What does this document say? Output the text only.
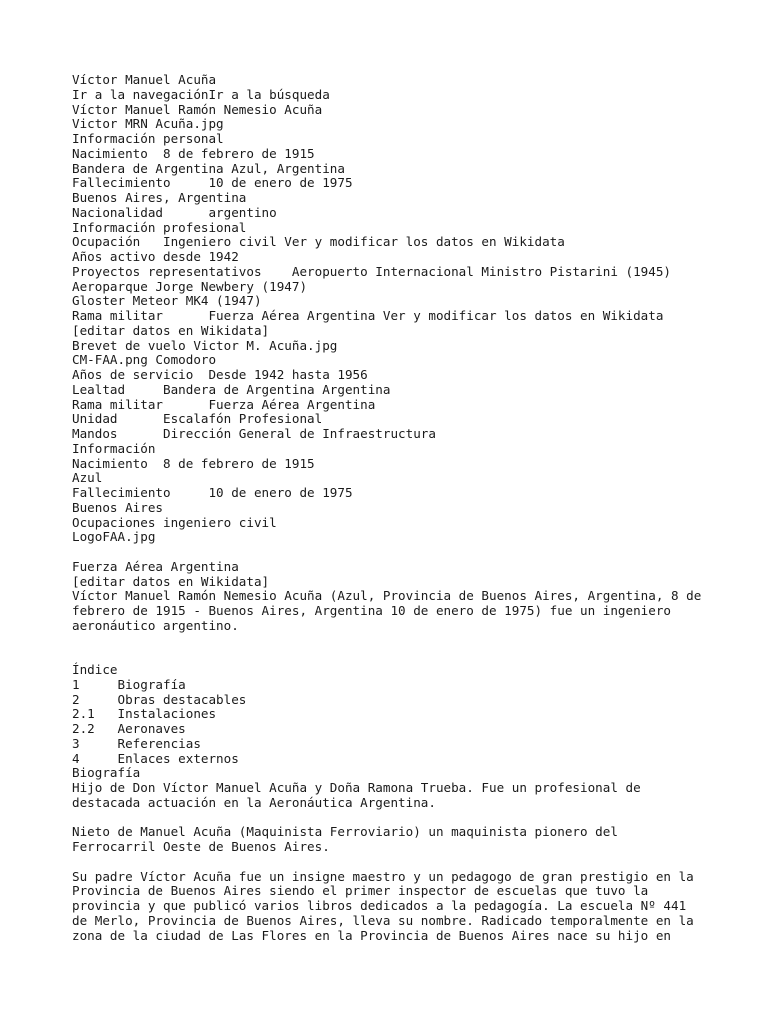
Víctor Manuel Acuña
Ir a la navegaciónIr a la búsqueda
Víctor Manuel Ramón Nemesio Acuña
Victor MRN Acuña.jpg
Información personal
Nacimiento  8 de febrero de 1915
Bandera de Argentina Azul, Argentina
Fallecimiento     10 de enero de 1975
Buenos Aires, Argentina
Nacionalidad      argentino
Información profesional
Ocupación   Ingeniero civil Ver y modificar los datos en Wikidata
Años activo desde 1942
Proyectos representativos    Aeropuerto Internacional Ministro Pistarini (1945)
Aeroparque Jorge Newbery (1947)
Gloster Meteor MK4 (1947)
Rama militar      Fuerza Aérea Argentina Ver y modificar los datos en Wikidata
[editar datos en Wikidata]
Brevet de vuelo Victor M. Acuña.jpg
CM-FAA.png Comodoro
Años de servicio  Desde 1942 hasta 1956
Lealtad     Bandera de Argentina Argentina
Rama militar      Fuerza Aérea Argentina
Unidad      Escalafón Profesional
Mandos      Dirección General de Infraestructura
Información
Nacimiento  8 de febrero de 1915
Azul
Fallecimiento     10 de enero de 1975
Buenos Aires
Ocupaciones ingeniero civil
LogoFAA.jpg
Fuerza Aérea Argentina
[editar datos en Wikidata]
Víctor Manuel Ramón Nemesio Acuña (Azul, Provincia de Buenos Aires, Argentina, 8 de
febrero de 1915 - Buenos Aires, Argentina 10 de enero de 1975) fue un ingeniero
aeronáutico argentino.
Índice
1     Biografía
2     Obras destacables
2.1   Instalaciones
2.2   Aeronaves
3     Referencias
4     Enlaces externos
Biografía
Hijo de Don Víctor Manuel Acuña y Doña Ramona Trueba. Fue un profesional de
destacada actuación en la Aeronáutica Argentina.
Nieto de Manuel Acuña (Maquinista Ferroviario) un maquinista pionero del
Ferrocarril Oeste de Buenos Aires.
Su padre Víctor Acuña fue un insigne maestro y un pedagogo de gran prestigio en la
Provincia de Buenos Aires siendo el primer inspector de escuelas que tuvo la
provincia y que publicó varios libros dedicados a la pedagogía. La escuela Nº 441
de Merlo, Provincia de Buenos Aires, lleva su nombre. Radicado temporalmente en la
zona de la ciudad de Las Flores en la Provincia de Buenos Aires nace su hijo en
